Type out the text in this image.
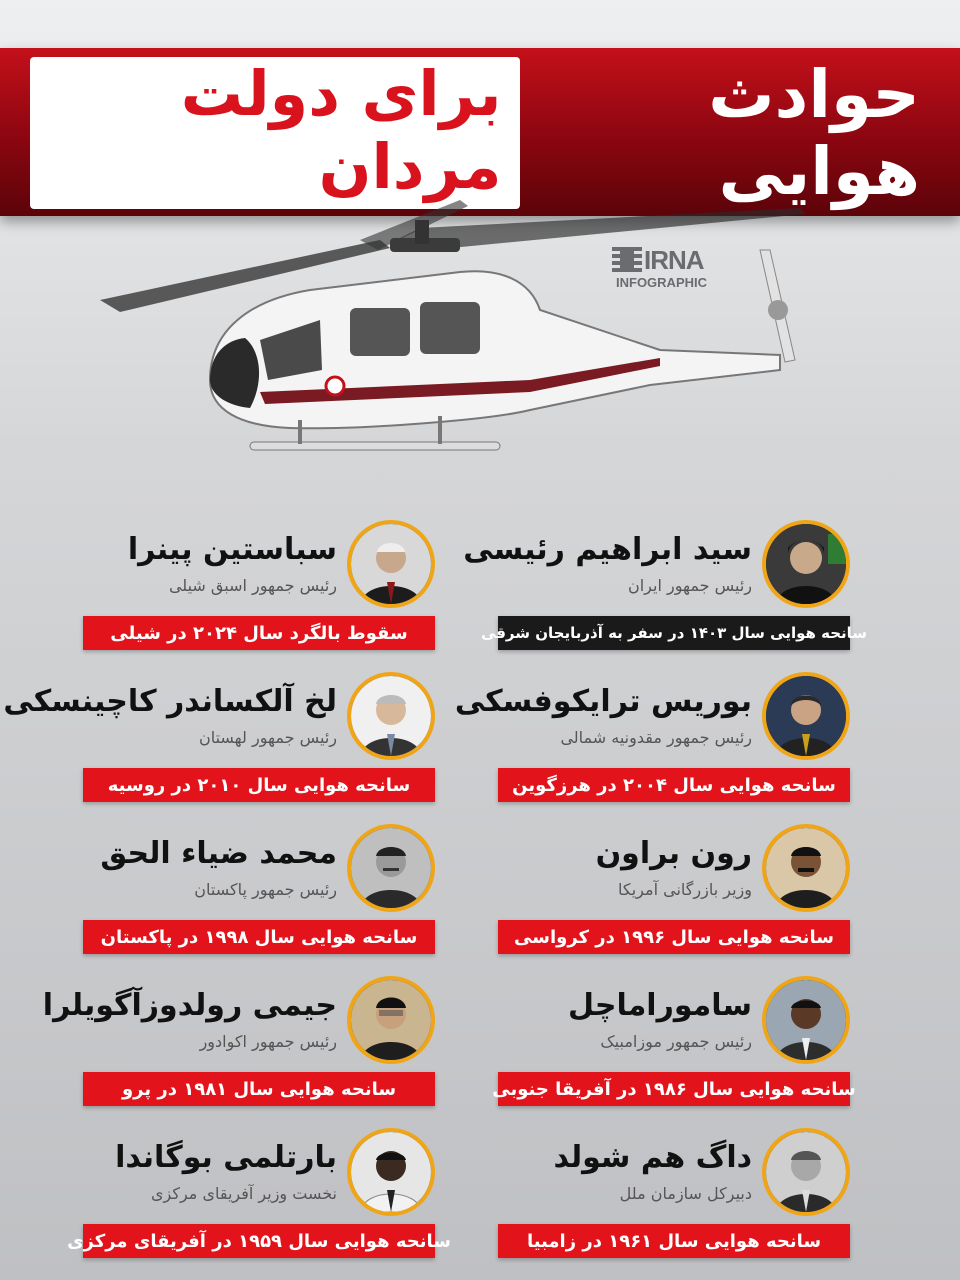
حوادث هوایی
برای دولت مردان
IRNA
INFOGRAPHIC
سید ابراهیم رئیسی
رئیس جمهور ایران
سانحه هوایی سال ۱۴۰۳ در سفر به آذربایجان شرقی
سباستین پینرا
رئیس جمهور اسبق شیلی
سقوط بالگرد سال ۲۰۲۴ در شیلی
بوریس ترایکوفسکی
رئیس جمهور مقدونیه شمالی
سانحه هوایی سال ۲۰۰۴ در هرزگوین
لخ آلکساندر کاچینسکی
رئیس جمهور لهستان
سانحه هوایی سال ۲۰۱۰ در روسیه
رون براون
وزیر بازرگانی آمریکا
سانحه هوایی سال ۱۹۹۶ در کرواسی
محمد ضیاء الحق
رئیس جمهور پاکستان
سانحه هوایی سال ۱۹۹۸ در پاکستان
ساموراماچل
رئیس جمهور موزامبیک
سانحه هوایی سال ۱۹۸۶ در آفریقا جنوبی
جیمی رولدوزآگویلرا
رئیس جمهور اکوادور
سانحه هوایی سال ۱۹۸۱ در پرو
داگ هم شولد
دبیرکل سازمان ملل
سانحه هوایی سال ۱۹۶۱ در زامبیا
بارتلمی بوگاندا
نخست وزیر آفریقای مرکزی
سانحه هوایی سال ۱۹۵۹ در آفریقای مرکزی
